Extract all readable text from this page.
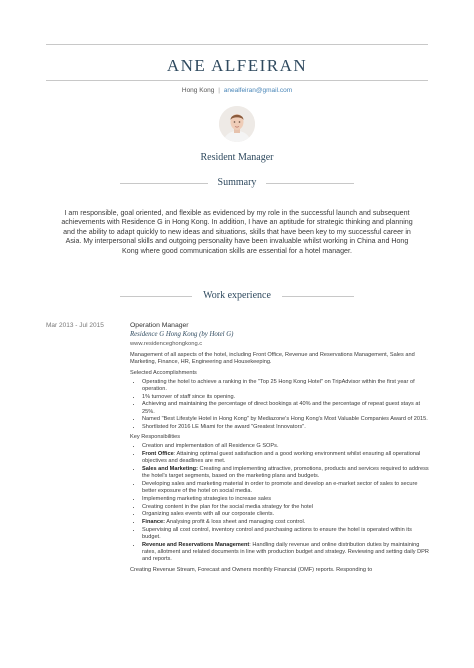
ANE ALFEIRAN
Hong Kong | anealfeiran@gmail.com
Resident Manager
Summary

I am responsible, goal oriented, and flexible as evidenced by my role in the successful launch and subsequent achievements with Residence G in Hong Kong. In addition, I have an aptitude for strategic thinking and planning and the ability to adapt quickly to new ideas and situations, skills that have been key to my successful career in Asia. My interpersonal skills and outgoing personality have been invaluable whilst working in China and Hong Kong where good communication skills are essential for a hotel manager.

Work experience
Mar 2013 - Jul 2015	Operation Manager
Residence G Hong Kong (by Hotel G)
www.residenceghongkong.c

Management of all aspects of the hotel, including Front Office, Revenue and Reservations Management, Sales and Marketing, Finance, HR, Engineering and Housekeeping.

Selected Accomplishments

• Operating the hotel to achieve a ranking in the "Top 25 Hong Kong Hotel" on TripAdvisor within the first year of operation.
• 1% turnover of staff since its opening.
• Achieving and maintaining the percentage of direct bookings at 40% and the percentage of repeat guest stays at 25%.
• Named "Best Lifestyle Hotel in Hong Kong" by Mediazone's Hong Kong's Most Valuable Companies Award of 2015.
• Shortlisted for 2016 LE Miami for the award "Greatest Innovators".

Key Responsibilities

• Creation and implementation of all Residence G SOPs.
• Front Office: Attaining optimal guest satisfaction and a good working environment whilst ensuring all operational objectives and deadlines are met.
• Sales and Marketing: Creating and implementing attractive, promotions, products and services required to address the hotel's target segments, based on the marketing plans and budgets.
• Developing sales and marketing material in order to promote and develop an e-market sector of sales to secure better exposure of the hotel on social media.
• Implementing marketing strategies to increase sales
• Creating content in the plan for the social media strategy for the hotel
• Organizing sales events with all our corporate clients.
• Finance: Analysing profit & loss sheet and managing cost control.
• Supervising all cost control, inventory control and purchasing actions to ensure the hotel is operated within its budget.
• Revenue and Reservations Management: Handling daily revenue and online distribution duties by maintaining rates, allotment and related documents in line with production budget and strategy. Reviewing and setting daily DPR and reports.

Creating Revenue Stream, Forecast and Owners monthly Financial (OMF) reports. Responding to
